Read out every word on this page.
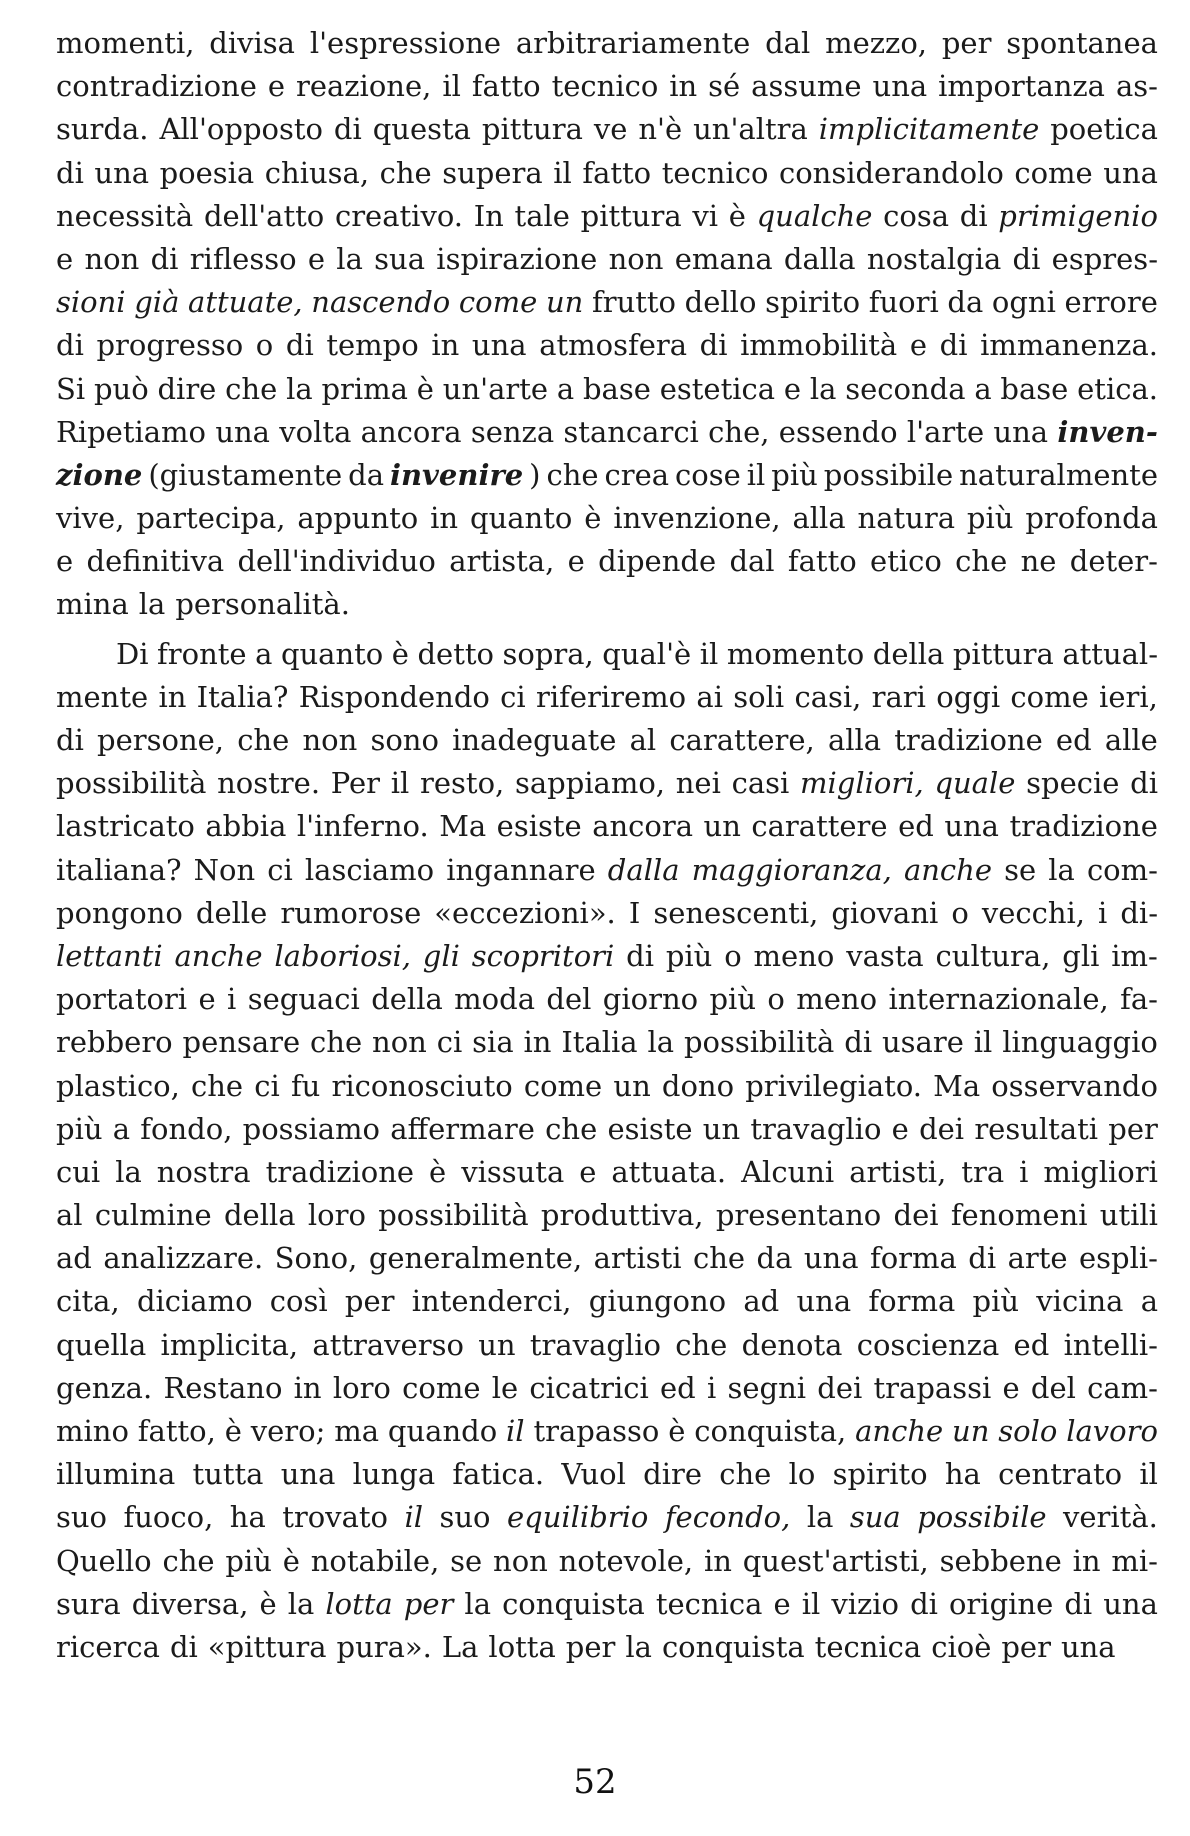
momenti, divisa l'espressione arbitrariamente dal mezzo, per spontanea
contradizione e reazione, il fatto tecnico in sé assume una importanza as-
surda. All'opposto di questa pittura ve n'è un'altra implicitamente poetica
di una poesia chiusa, che supera il fatto tecnico considerandolo come una
necessità dell'atto creativo. In tale pittura vi è qualche cosa di primigenio
e non di riflesso e la sua ispirazione non emana dalla nostalgia di espres-
sioni già attuate, nascendo come un frutto dello spirito fuori da ogni errore
di progresso o di tempo in una atmosfera di immobilità e di immanenza.
Si può dire che la prima è un'arte a base estetica e la seconda a base etica.
Ripetiamo una volta ancora senza stancarci che, essendo l'arte una inven-
zione (giustamente da invenire ) che crea cose il più possibile naturalmente
vive, partecipa, appunto in quanto è invenzione, alla natura più profonda
e definitiva dell'individuo artista, e dipende dal fatto etico che ne deter-
mina la personalità.
Di fronte a quanto è detto sopra, qual'è il momento della pittura attual-
mente in Italia? Rispondendo ci riferiremo ai soli casi, rari oggi come ieri,
di persone, che non sono inadeguate al carattere, alla tradizione ed alle
possibilità nostre. Per il resto, sappiamo, nei casi migliori, quale specie di
lastricato abbia l'inferno. Ma esiste ancora un carattere ed una tradizione
italiana? Non ci lasciamo ingannare dalla maggioranza, anche se la com-
pongono delle rumorose «eccezioni». I senescenti, giovani o vecchi, i di-
lettanti anche laboriosi, gli scopritori di più o meno vasta cultura, gli im-
portatori e i seguaci della moda del giorno più o meno internazionale, fa-
rebbero pensare che non ci sia in Italia la possibilità di usare il linguaggio
plastico, che ci fu riconosciuto come un dono privilegiato. Ma osservando
più a fondo, possiamo affermare che esiste un travaglio e dei resultati per
cui la nostra tradizione è vissuta e attuata. Alcuni artisti, tra i migliori
al culmine della loro possibilità produttiva, presentano dei fenomeni utili
ad analizzare. Sono, generalmente, artisti che da una forma di arte espli-
cita, diciamo così per intenderci, giungono ad una forma più vicina a
quella implicita, attraverso un travaglio che denota coscienza ed intelli-
genza. Restano in loro come le cicatrici ed i segni dei trapassi e del cam-
mino fatto, è vero; ma quando il trapasso è conquista, anche un solo lavoro
illumina tutta una lunga fatica. Vuol dire che lo spirito ha centrato il
suo fuoco, ha trovato il suo equilibrio fecondo, la sua possibile verità.
Quello che più è notabile, se non notevole, in quest'artisti, sebbene in mi-
sura diversa, è la lotta per la conquista tecnica e il vizio di origine di una
ricerca di «pittura pura». La lotta per la conquista tecnica cioè per una
52
